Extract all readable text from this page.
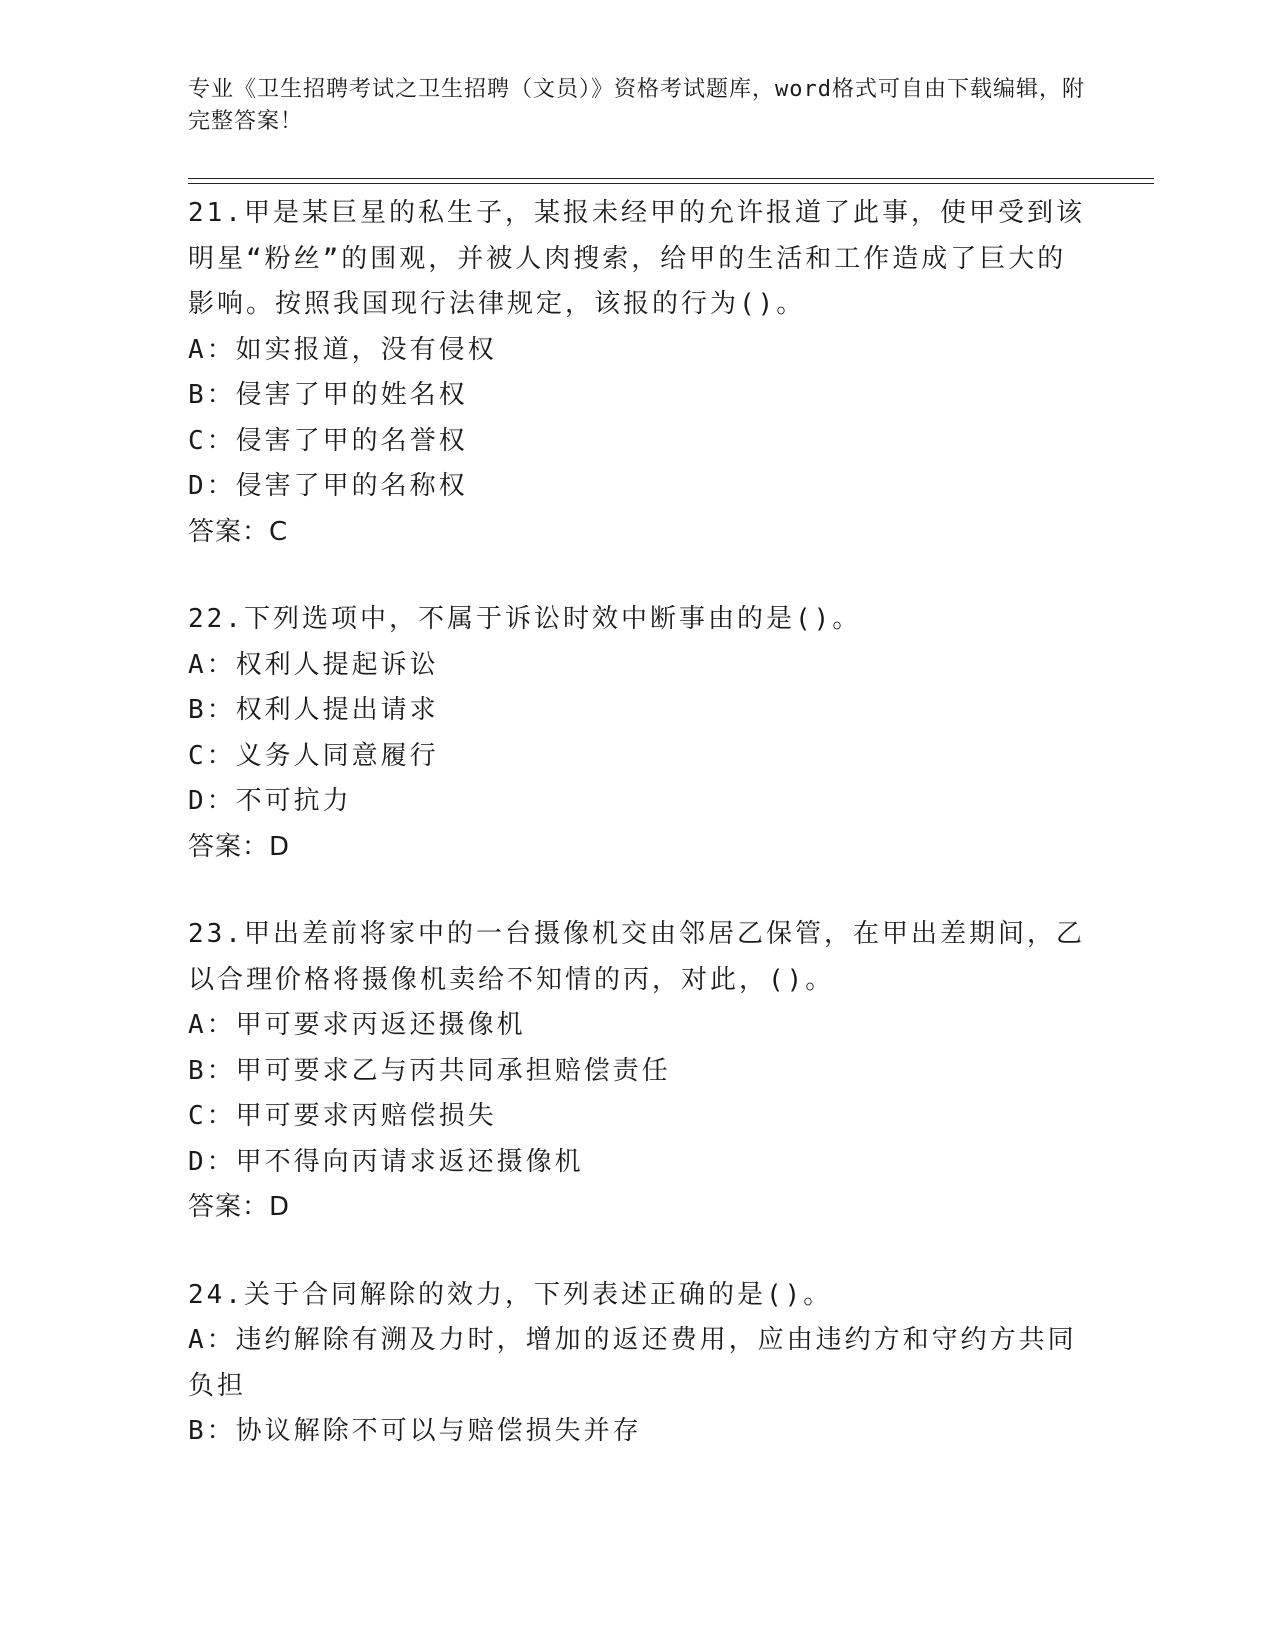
专业《卫生招聘考试之卫生招聘（文员）》资格考试题库，word格式可自由下载编辑，附完整答案！

21.甲是某巨星的私生子，某报未经甲的允许报道了此事，使甲受到该明星“粉丝”的围观，并被人肉搜索，给甲的生活和工作造成了巨大的影响。按照我国现行法律规定，该报的行为()。

A：如实报道，没有侵权

B：侵害了甲的姓名权

C：侵害了甲的名誉权

D：侵害了甲的名称权

答案：C

22.下列选项中，不属于诉讼时效中断事由的是()。

A：权利人提起诉讼

B：权利人提出请求

C：义务人同意履行

D：不可抗力

答案：D

23.甲出差前将家中的一台摄像机交由邻居乙保管，在甲出差期间，乙以合理价格将摄像机卖给不知情的丙，对此，()。

A：甲可要求丙返还摄像机

B：甲可要求乙与丙共同承担赔偿责任

C：甲可要求丙赔偿损失

D：甲不得向丙请求返还摄像机

答案：D

24.关于合同解除的效力，下列表述正确的是()。

A：违约解除有溯及力时，增加的返还费用，应由违约方和守约方共同负担

B：协议解除不可以与赔偿损失并存
